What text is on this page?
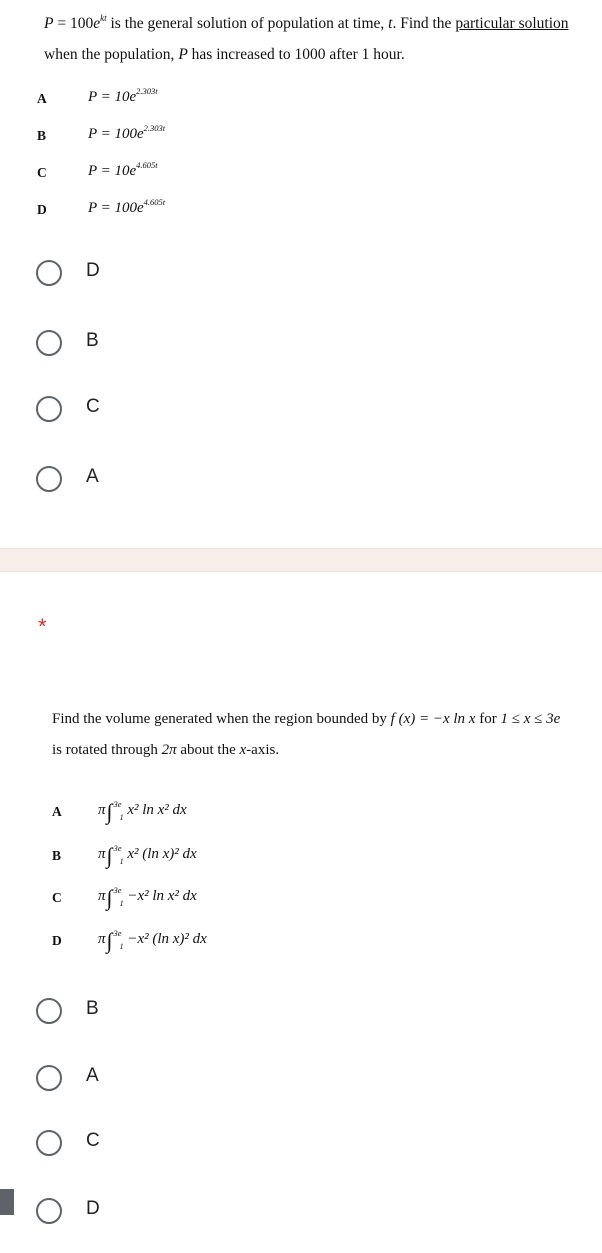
$P = 100e^{kt}$ is the general solution of population at time, t. Find the particular solution
when the population, P has increased to 1000 after 1 hour.
A	$P = 10e^{2.303t}$
B	$P = 100e^{2.303t}$
C	$P = 10e^{4.605t}$
D	$P = 100e^{4.605t}$
D
B
C
A
*
Find the volume generated when the region bounded by f (x) = −x ln x for 1 ≤ x ≤ 3e
is rotated through 2π about the x-axis.
A π∫$^{3e}_1$ x² ln x² dx
B π∫$^{3e}_1$ x² (ln x)² dx
C π∫$^{3e}_1$ −x² ln x² dx
D π∫$^{3e}_1$ −x² (ln x)² dx
B
A
C
D
